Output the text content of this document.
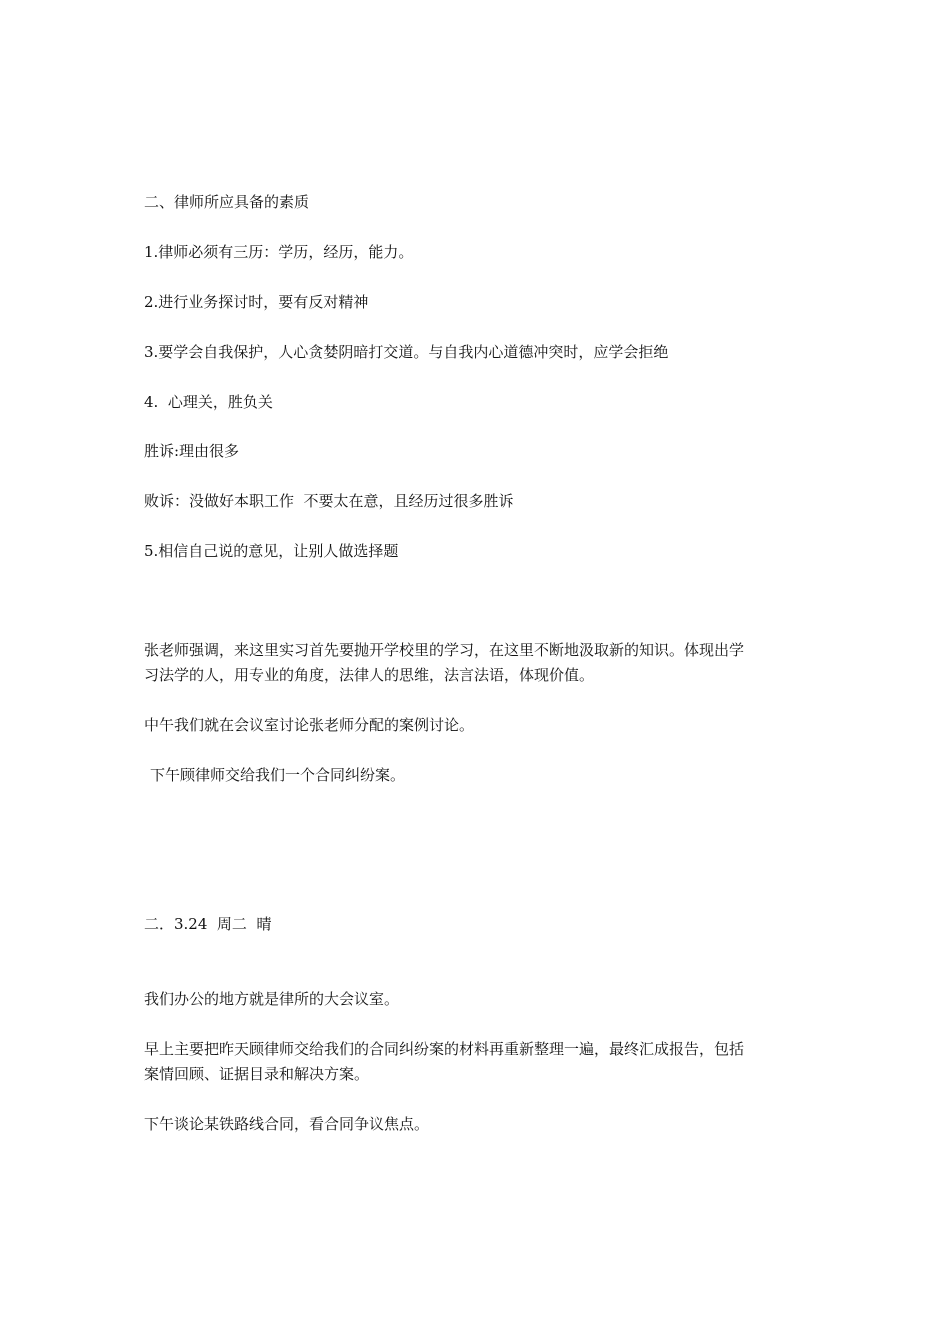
二、律师所应具备的素质

1.律师必须有三历：学历，经历，能力。

2.进行业务探讨时，要有反对精神

3.要学会自我保护，人心贪婪阴暗打交道。与自我内心道德冲突时，应学会拒绝

4.  心理关，胜负关

胜诉:理由很多

败诉：没做好本职工作  不要太在意，且经历过很多胜诉

5.相信自己说的意见，让别人做选择题

张老师强调，来这里实习首先要抛开学校里的学习，在这里不断地汲取新的知识。体现出学

习法学的人，用专业的角度，法律人的思维，法言法语，体现价值。

中午我们就在会议室讨论张老师分配的案例讨论。

下午顾律师交给我们一个合同纠纷案。

二．3.24  周二  晴

我们办公的地方就是律所的大会议室。

早上主要把昨天顾律师交给我们的合同纠纷案的材料再重新整理一遍，最终汇成报告，包括

案情回顾、证据目录和解决方案。

下午谈论某铁路线合同，看合同争议焦点。
